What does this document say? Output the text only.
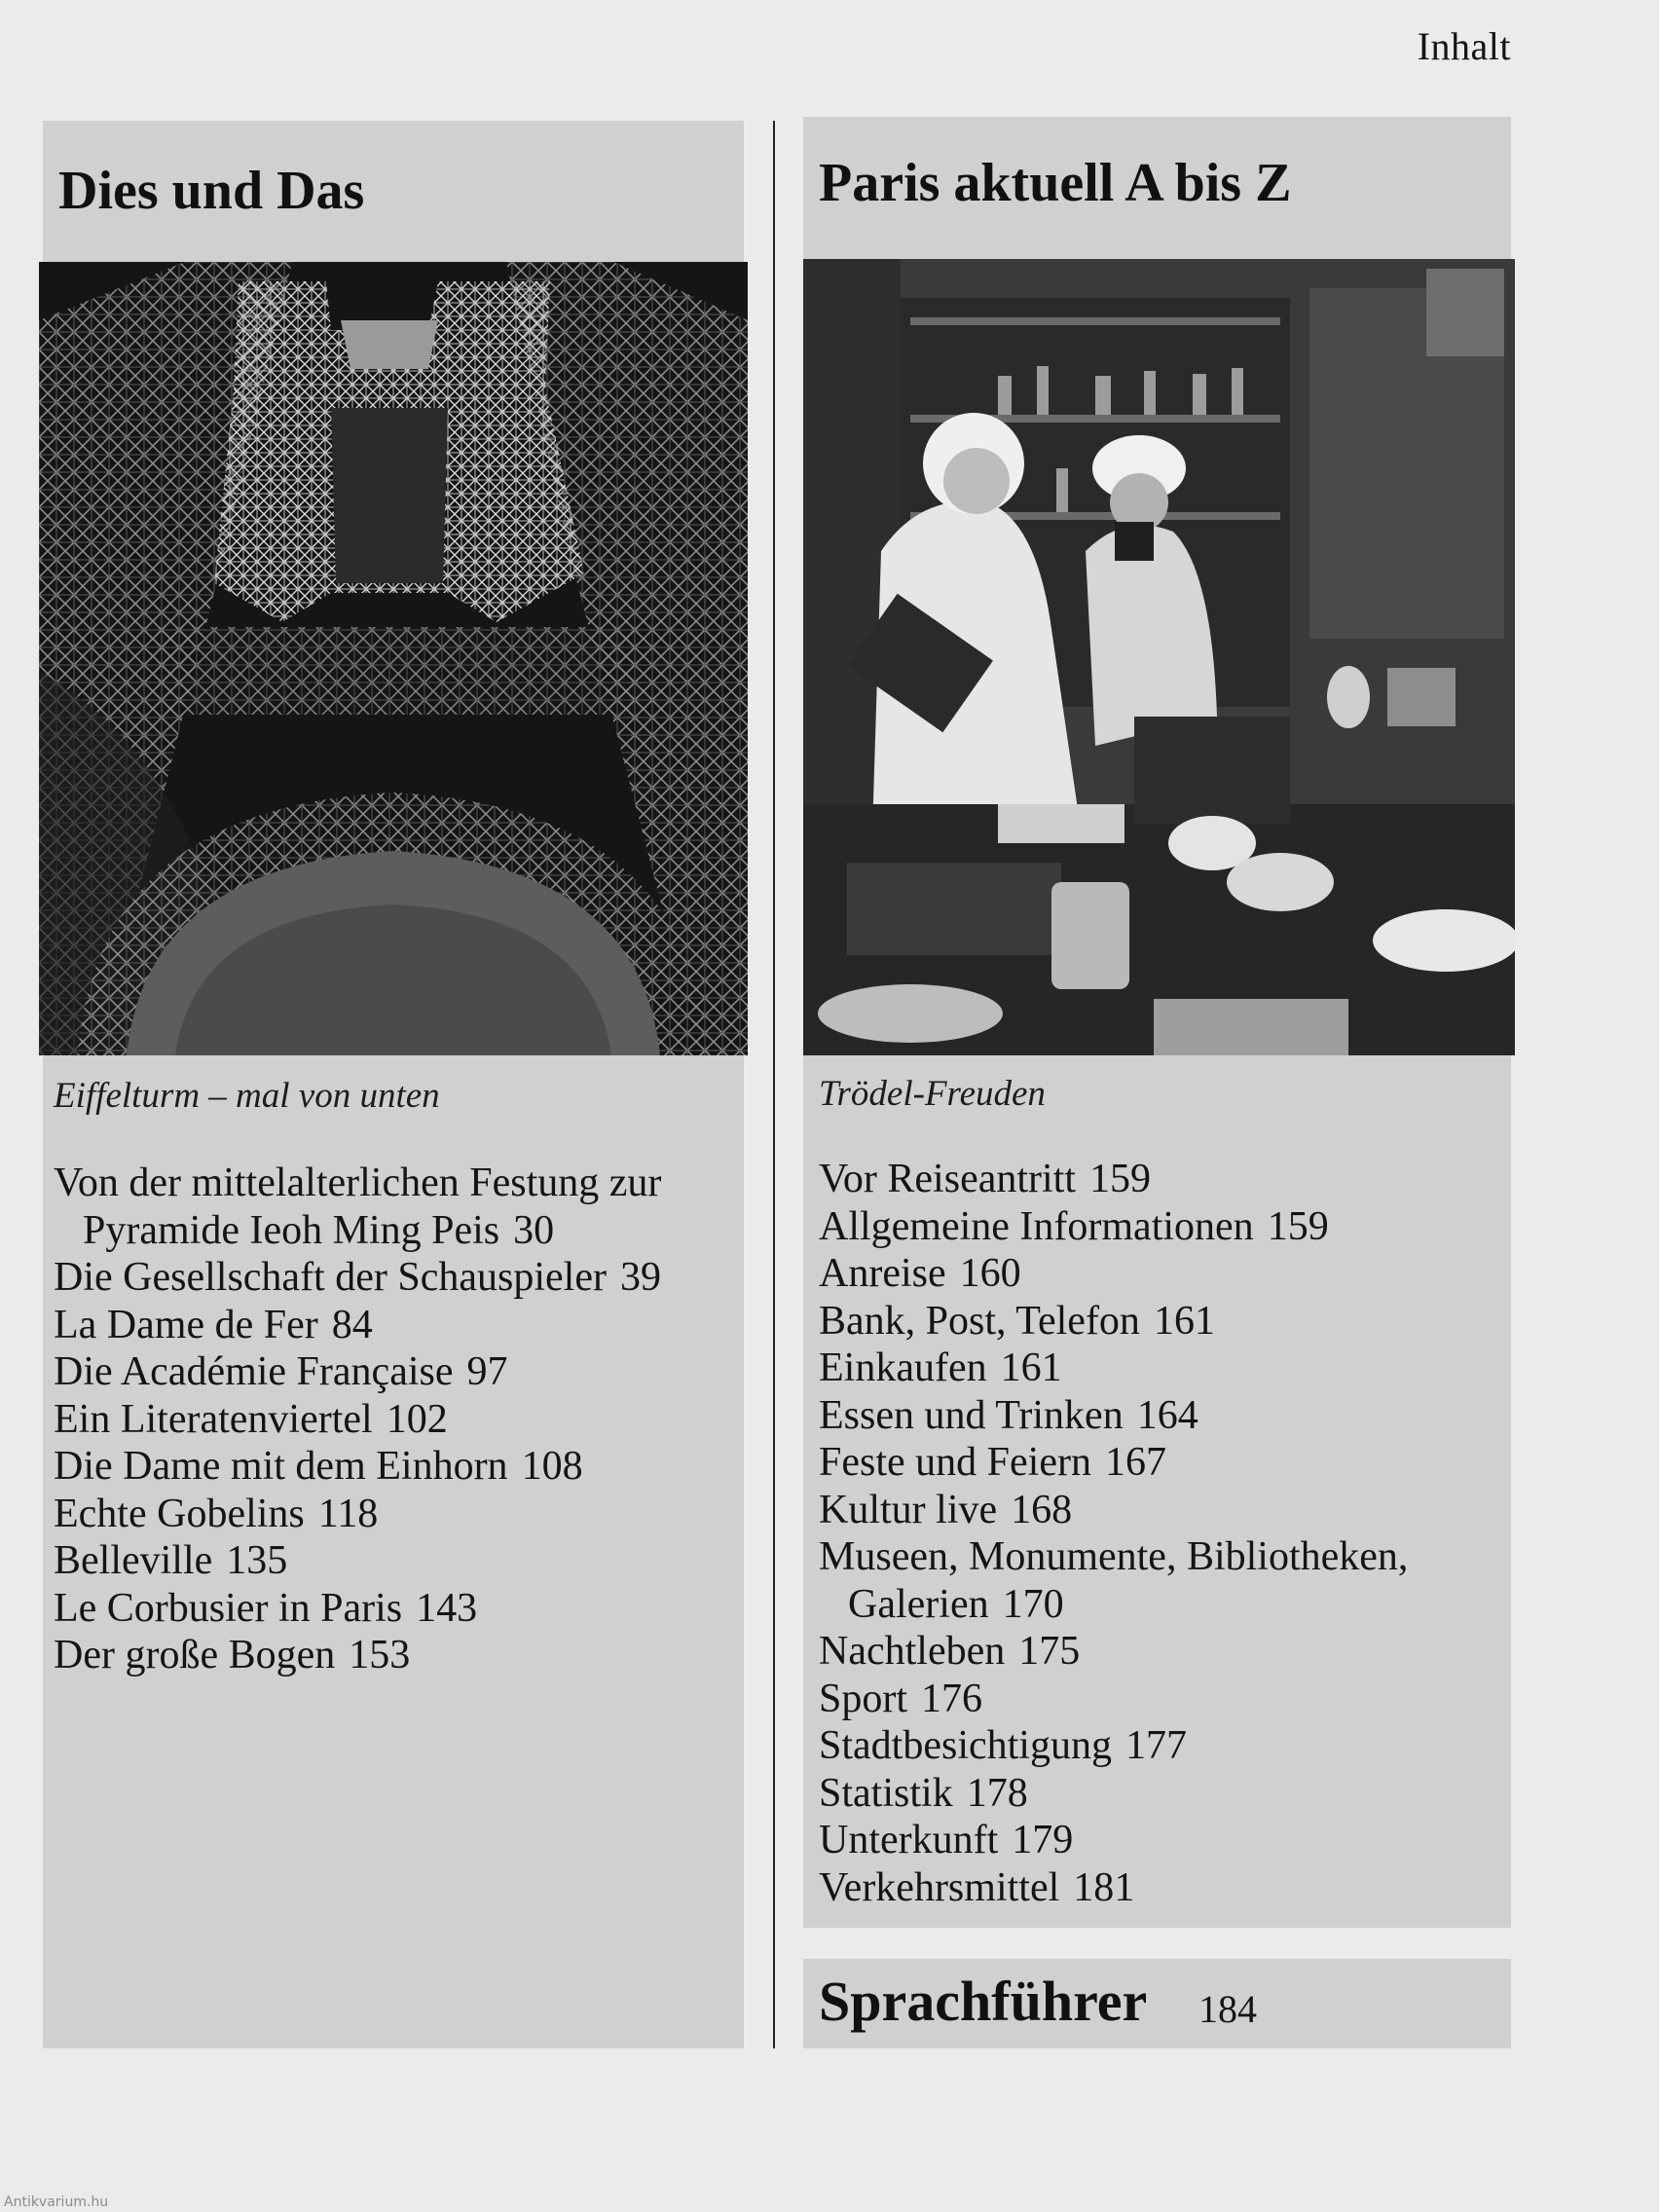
Inhalt
Dies und Das
Eiffelturm – mal von unten
Von der mittelalterlichen Festung zur
Pyramide Ieoh Ming Peis 30
Die Gesellschaft der Schauspieler 39
La Dame de Fer 84
Die Académie Française 97
Ein Literatenviertel 102
Die Dame mit dem Einhorn 108
Echte Gobelins 118
Belleville 135
Le Corbusier in Paris 143
Der große Bogen 153
Paris aktuell A bis Z
Trödel-Freuden
Vor Reiseantritt 159
Allgemeine Informationen 159
Anreise 160
Bank, Post, Telefon 161
Einkaufen 161
Essen und Trinken 164
Feste und Feiern 167
Kultur live 168
Museen, Monumente, Bibliotheken,
Galerien 170
Nachtleben 175
Sport 176
Stadtbesichtigung 177
Statistik 178
Unterkunft 179
Verkehrsmittel 181
Sprachführer 184
Antikvarium.hu
